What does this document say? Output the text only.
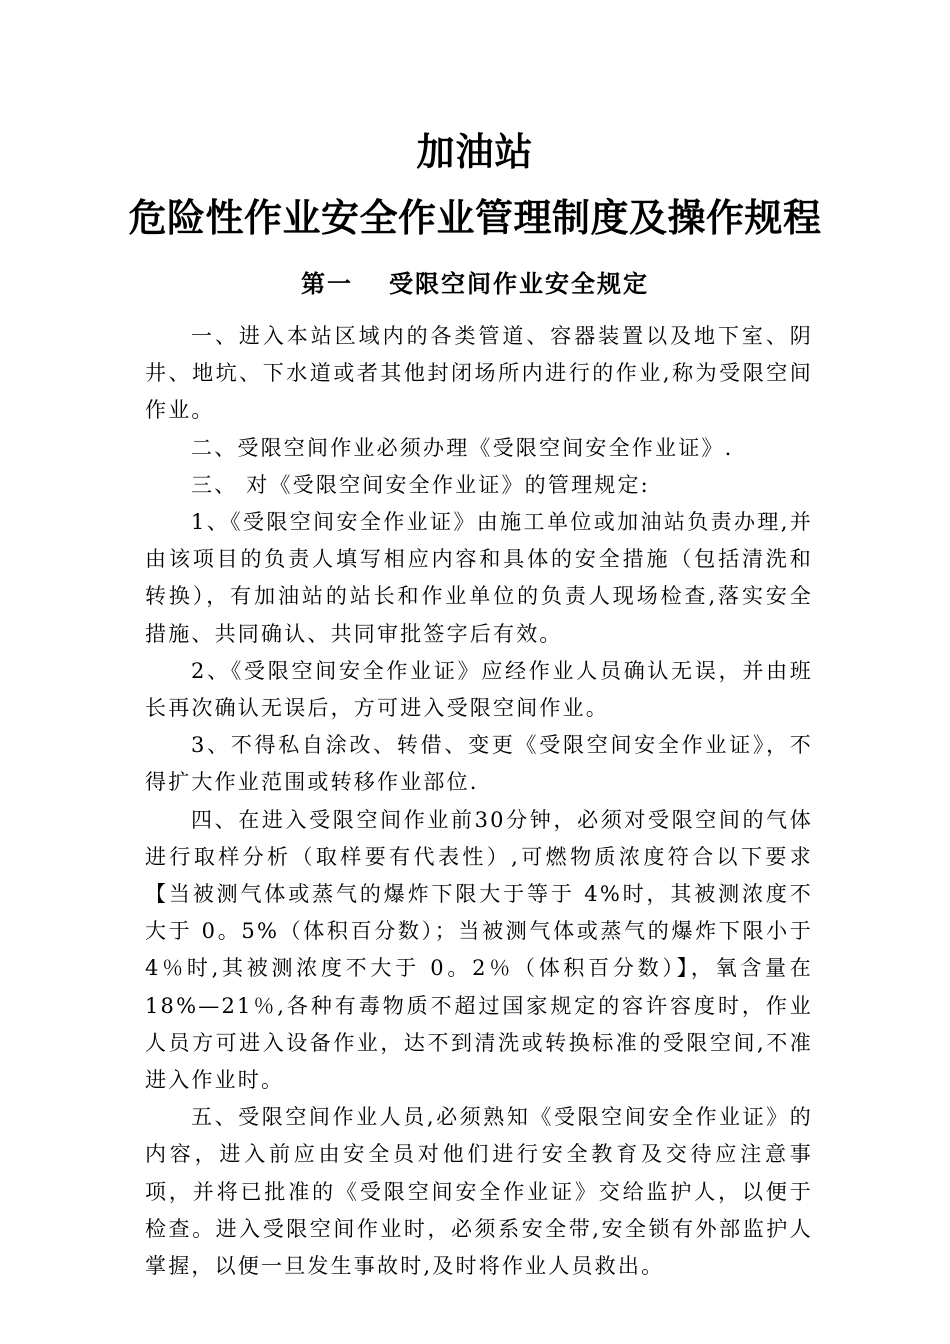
加油站
危险性作业安全作业管理制度及操作规程
第一 受限空间作业安全规定

一、进入本站区域内的各类管道、容器装置以及地下室、阴井、地坑、下水道或者其他封闭场所内进行的作业,称为受限空间作业。

二、受限空间作业必须办理《受限空间安全作业证》.

三、 对《受限空间安全作业证》的管理规定:

1、《受限空间安全作业证》由施工单位或加油站负责办理,并由该项目的负责人填写相应内容和具体的安全措施（包括清洗和转换），有加油站的站长和作业单位的负责人现场检查,落实安全措施、共同确认、共同审批签字后有效。

2、《受限空间安全作业证》应经作业人员确认无误，并由班长再次确认无误后，方可进入受限空间作业。

3、不得私自涂改、转借、变更《受限空间安全作业证》，不得扩大作业范围或转移作业部位.

四、在进入受限空间作业前30分钟，必须对受限空间的气体进行取样分析（取样要有代表性）,可燃物质浓度符合以下要求【当被测气体或蒸气的爆炸下限大于等于 4%时，其被测浓度不大于 0。5%（体积百分数）；当被测气体或蒸气的爆炸下限小于 4％时,其被测浓度不大于 0。2％（体积百分数）】，氧含量在18%—21％,各种有毒物质不超过国家规定的容许容度时，作业人员方可进入设备作业，达不到清洗或转换标准的受限空间,不准进入作业时。

五、受限空间作业人员,必须熟知《受限空间安全作业证》的内容，进入前应由安全员对他们进行安全教育及交待应注意事项，并将已批准的《受限空间安全作业证》交给监护人，以便于检查。进入受限空间作业时，必须系安全带,安全锁有外部监护人掌握，以便一旦发生事故时,及时将作业人员救出。
